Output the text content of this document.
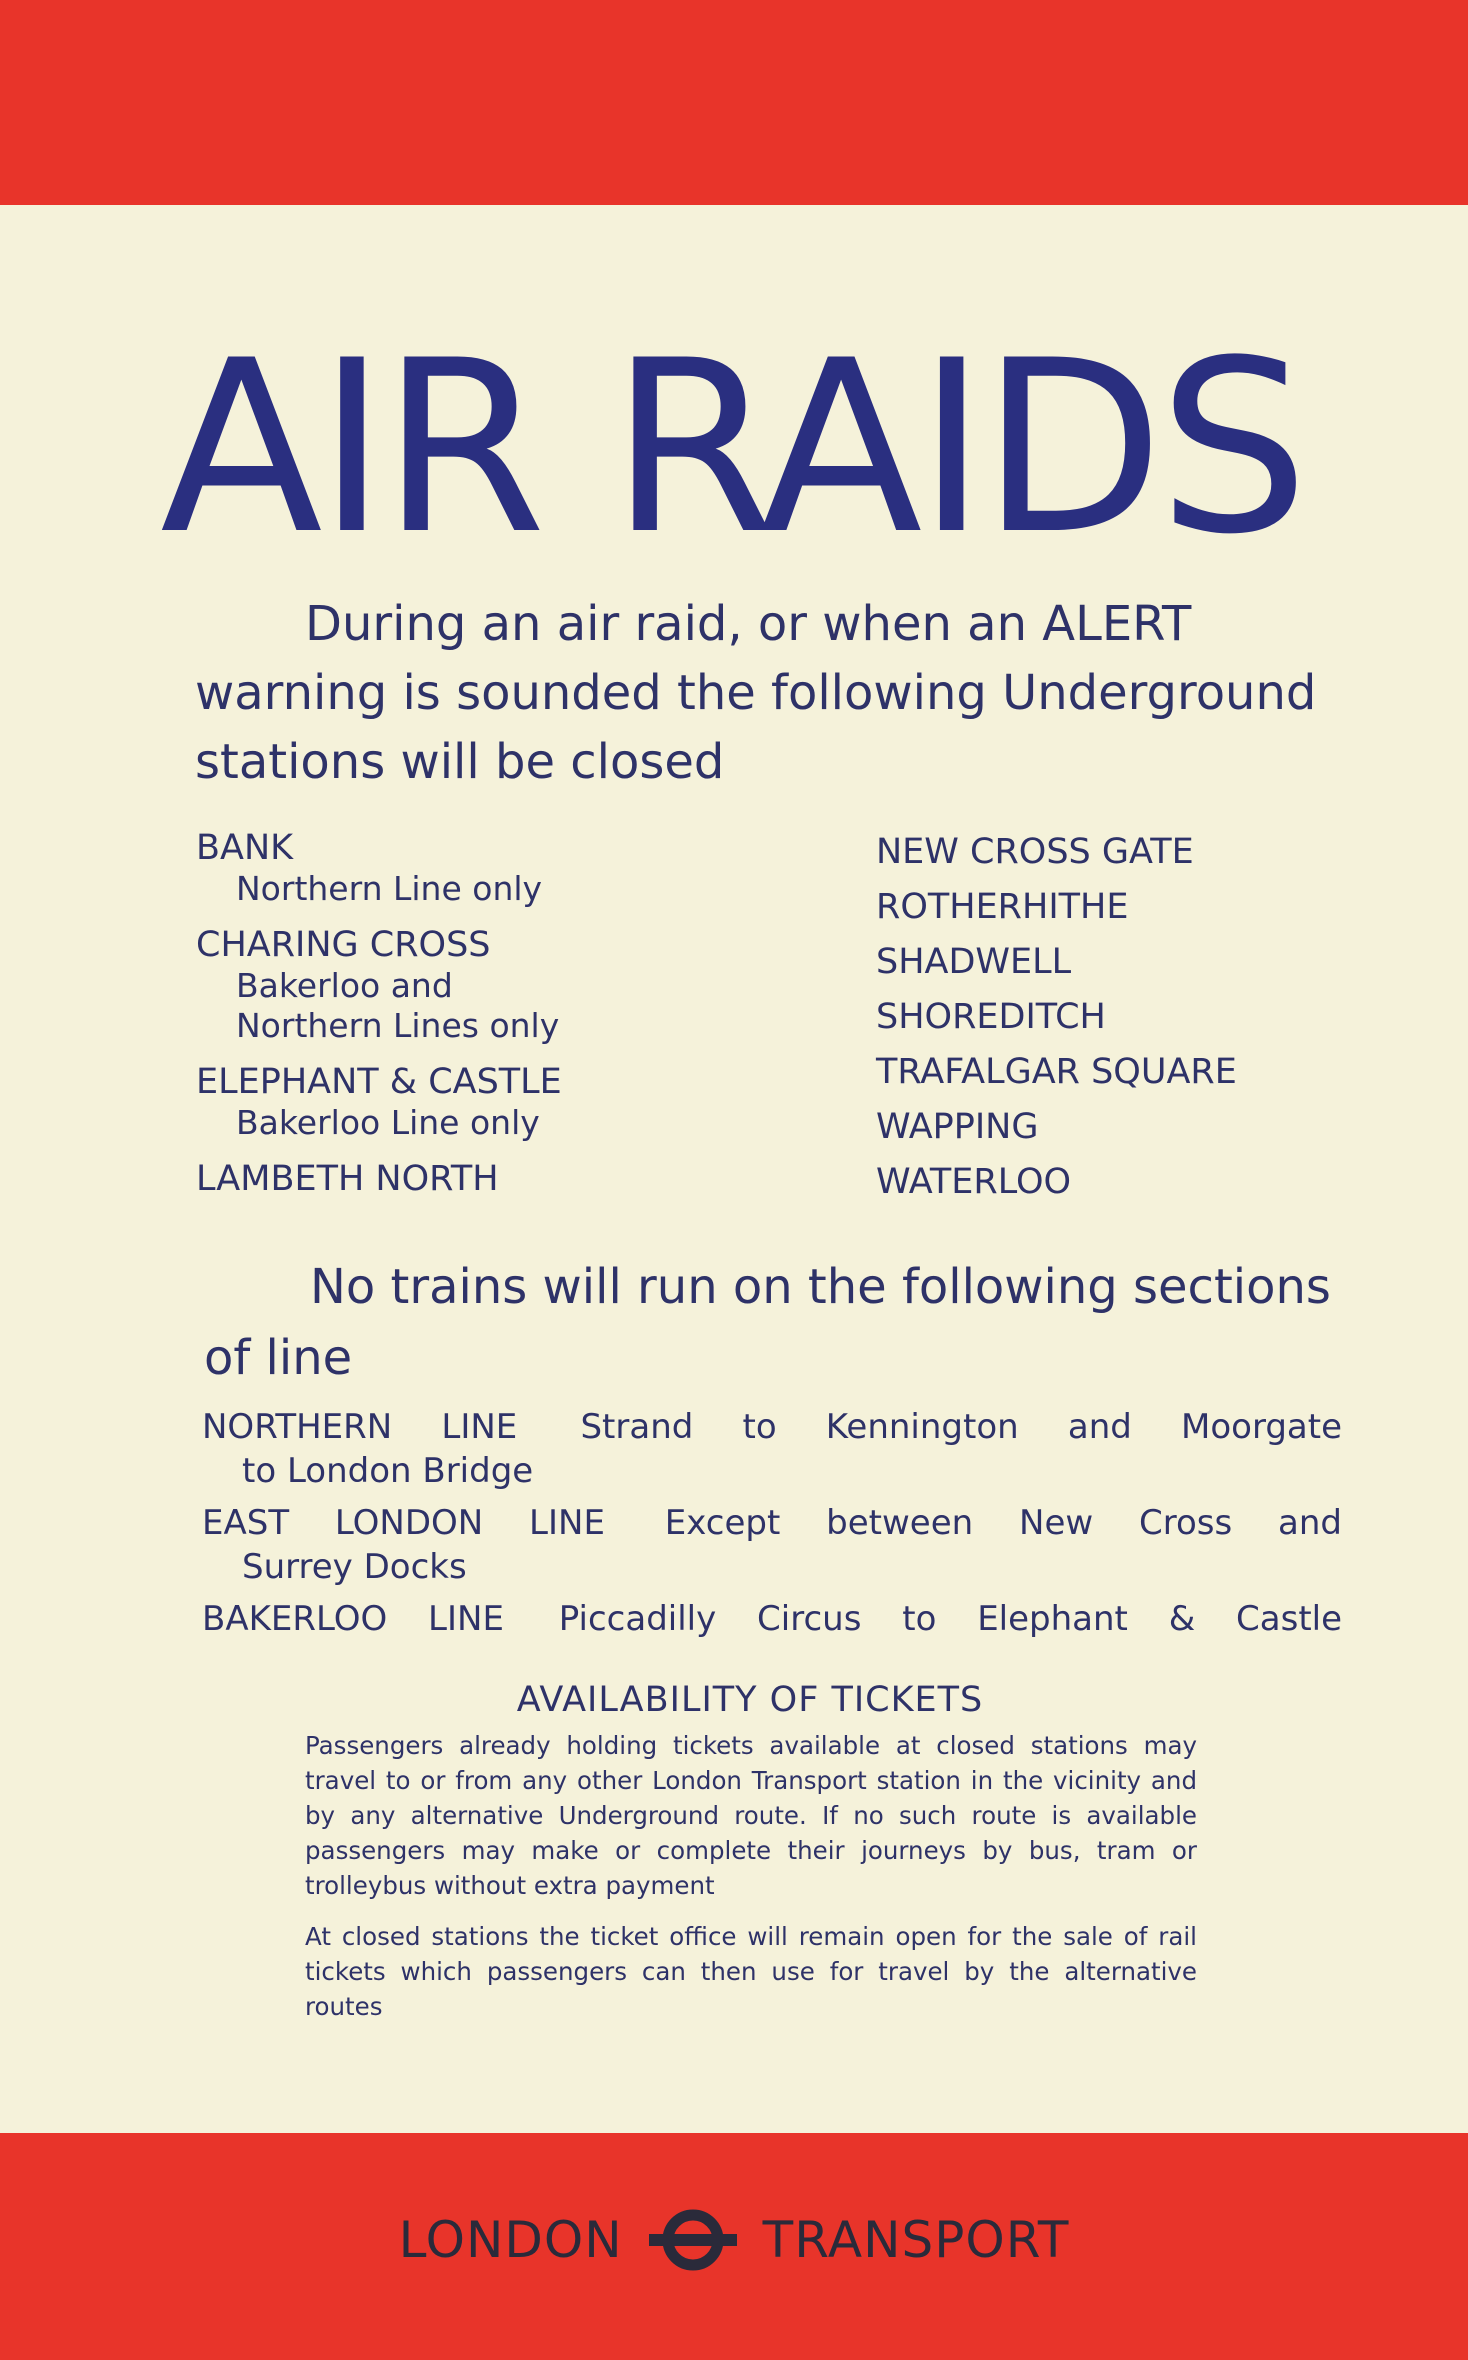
AIR RAIDS

During an air raid, or when an ALERT warning is sounded the following Underground stations will be closed

BANK
Northern Line only
CHARING CROSS
Bakerloo and
Northern Lines only
ELEPHANT & CASTLE
Bakerloo Line only
LAMBETH NORTH

NEW CROSS GATE

ROTHERHITHE

SHADWELL

SHOREDITCH

TRAFALGAR SQUARE

WAPPING

WATERLOO

No trains will run on the following sections of line

NORTHERN LINE Strand to Kennington and Moorgate
to London Bridge
EAST LONDON LINE Except between New Cross and
Surrey Docks
BAKERLOO LINE Piccadilly Circus to Elephant & Castle
AVAILABILITY OF TICKETS

Passengers already holding tickets available at closed stations may travel to or from any other London Transport station in the vicinity and by any alternative Underground route. If no such route is available passengers may make or complete their journeys by bus, tram or trolleybus without extra payment

At closed stations the ticket office will remain open for the sale of rail tickets which passengers can then use for travel by the alternative routes

LONDON	TRANSPORT
